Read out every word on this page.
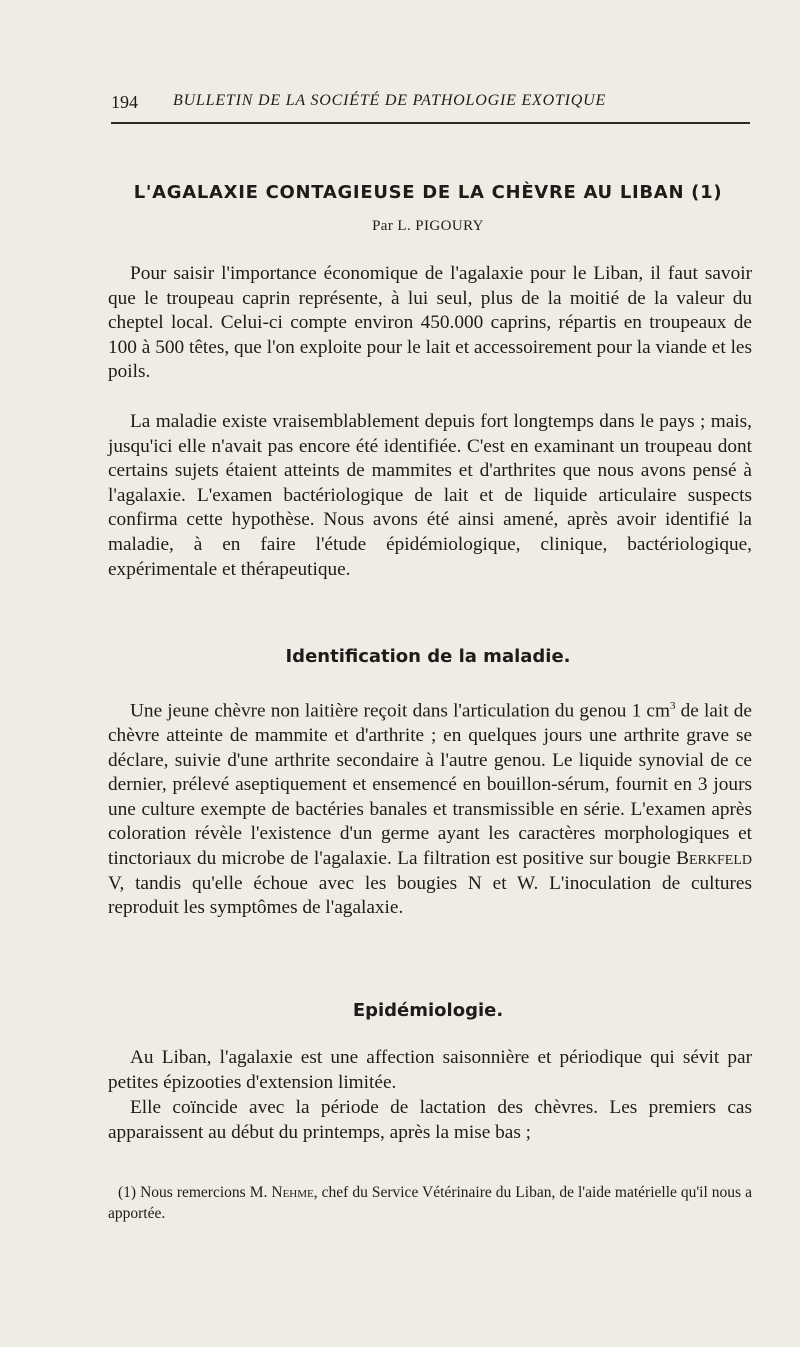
194 BULLETIN DE LA SOCIÉTÉ DE PATHOLOGIE EXOTIQUE
L'AGALAXIE CONTAGIEUSE DE LA CHÈVRE AU LIBAN (1)
Par L. PIGOURY

Pour saisir l'importance économique de l'agalaxie pour le Liban, il faut savoir que le troupeau caprin représente, à lui seul, plus de la moitié de la valeur du cheptel local. Celui-ci compte environ 450.000 caprins, répartis en troupeaux de 100 à 500 têtes, que l'on exploite pour le lait et accessoirement pour la viande et les poils.

La maladie existe vraisemblablement depuis fort longtemps dans le pays ; mais, jusqu'ici elle n'avait pas encore été identifiée. C'est en examinant un troupeau dont certains sujets étaient atteints de mammites et d'arthrites que nous avons pensé à l'agalaxie. L'examen bactériologique de lait et de liquide articulaire suspects confirma cette hypothèse. Nous avons été ainsi amené, après avoir identifié la maladie, à en faire l'étude épidémiologique, clinique, bactériologique, expérimentale et thérapeutique.

Identification de la maladie.

Une jeune chèvre non laitière reçoit dans l'articulation du genou 1 $cm^3$ de lait de chèvre atteinte de mammite et d'arthrite ; en quelques jours une arthrite grave se déclare, suivie d'une arthrite secondaire à l'autre genou. Le liquide synovial de ce dernier, prélevé aseptiquement et ensemencé en bouillon-sérum, fournit en 3 jours une culture exempte de bactéries banales et transmissible en série. L'examen après coloration révèle l'existence d'un germe ayant les caractères morphologiques et tinctoriaux du microbe de l'agalaxie. La filtration est positive sur bougie Berkfeld V, tandis qu'elle échoue avec les bougies N et W. L'inoculation de cultures reproduit les symptômes de l'agalaxie.

Epidémiologie.

Au Liban, l'agalaxie est une affection saisonnière et périodique qui sévit par petites épizooties d'extension limitée.

Elle coïncide avec la période de lactation des chèvres. Les premiers cas apparaissent au début du printemps, après la mise bas ;

(1) Nous remercions M. Nehme, chef du Service Vétérinaire du Liban, de l'aide matérielle qu'il nous a apportée.
